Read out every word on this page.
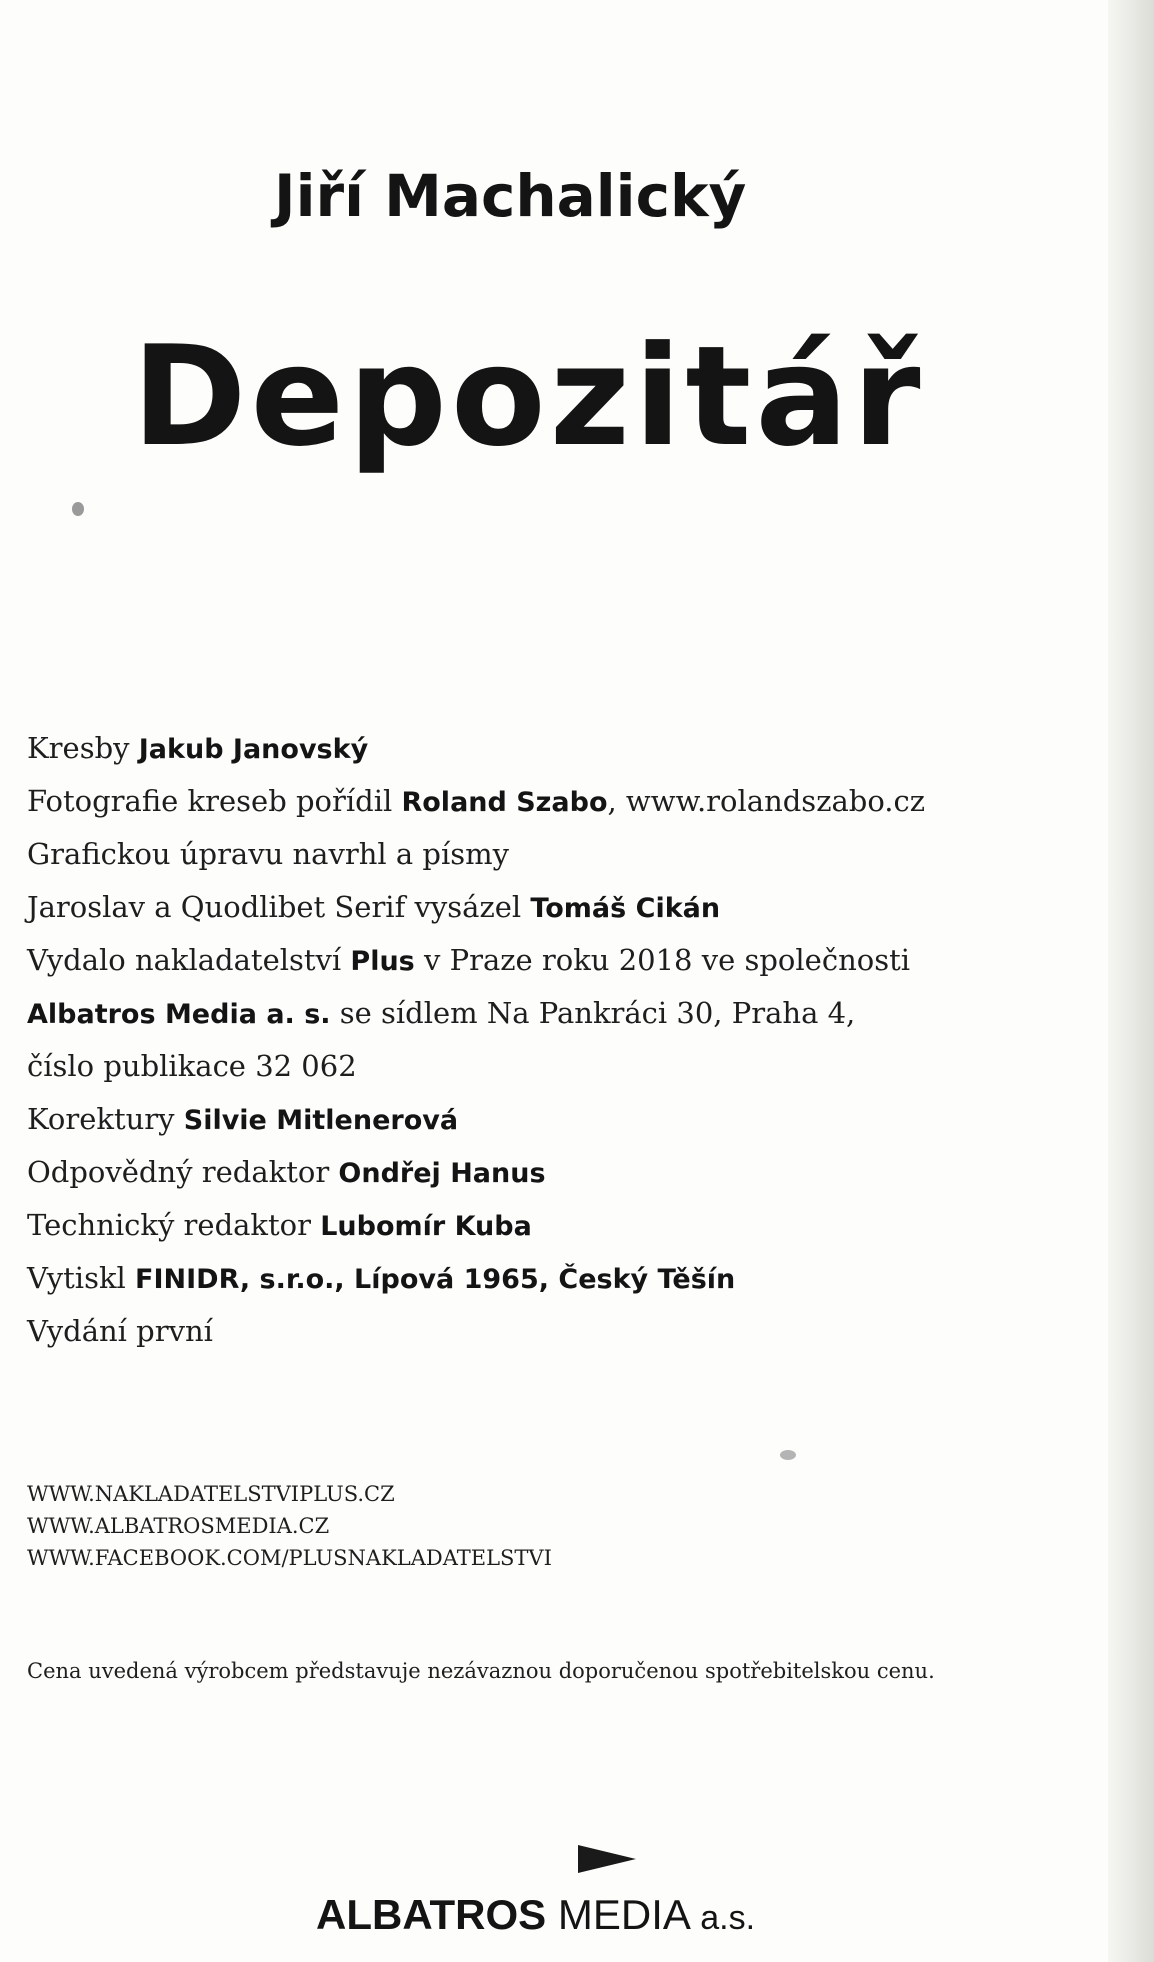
Jiří Machalický
Depozitář
Kresby Jakub Janovský
Fotografie kreseb pořídil Roland Szabo, www.rolandszabo.cz
Grafickou úpravu navrhl a písmy
Jaroslav a Quodlibet Serif vysázel Tomáš Cikán
Vydalo nakladatelství Plus v Praze roku 2018 ve společnosti
Albatros Media a. s. se sídlem Na Pankráci 30, Praha 4,
číslo publikace 32 062
Korektury Silvie Mitlenerová
Odpovědný redaktor Ondřej Hanus
Technický redaktor Lubomír Kuba
Vytiskl FINIDR, s.r.o., Lípová 1965, Český Těšín
Vydání první
WWW.NAKLADATELSTVIPLUS.CZ
WWW.ALBATROSMEDIA.CZ
WWW.FACEBOOK.COM/PLUSNAKLADATELSTVI
Cena uvedená výrobcem představuje nezávaznou doporučenou spotřebitelskou cenu.
ALBATROS MEDIA a.s.
